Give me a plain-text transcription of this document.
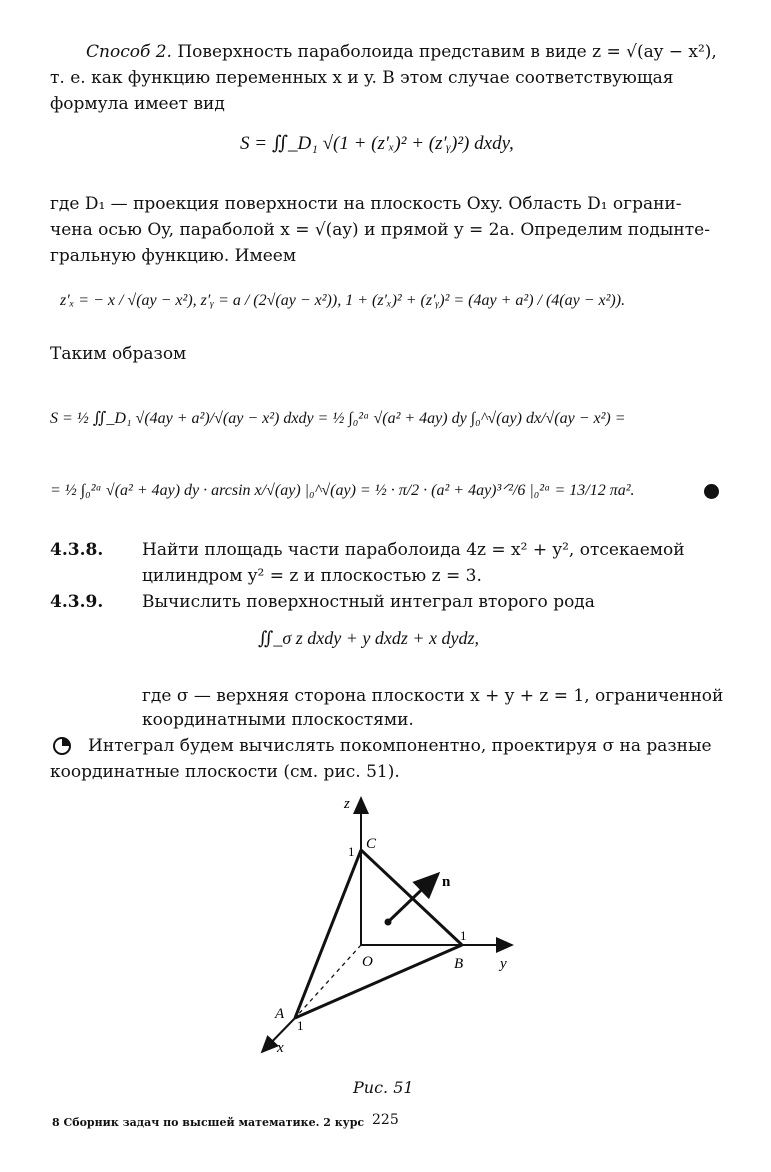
Способ 2. Поверхность параболоида представим в виде z = √(ay − x²),
т. е. как функцию переменных x и y. В этом случае соответствующая
формула имеет вид
S = ∬_D₁ √(1 + (z′ₓ)² + (z′ᵧ)²) dxdy,
где D₁ — проекция поверхности на плоскость Oxy. Область D₁ ограни-
чена осью Oy, параболой x = √(ay) и прямой y = 2a. Определим подынте-
гральную функцию. Имеем
z′ₓ = − x / √(ay − x²), z′ᵧ = a / (2√(ay − x²)), 1 + (z′ₓ)² + (z′ᵧ)² = (4ay + a²) / (4(ay − x²)).
Таким образом
S = ½ ∬_D₁ √(4ay + a²)/√(ay − x²) dxdy = ½ ∫₀²ᵃ √(a² + 4ay) dy ∫₀^√(ay) dx/√(ay − x²) =
= ½ ∫₀²ᵃ √(a² + 4ay) dy · arcsin x/√(ay) |₀^√(ay) = ½ · π/2 · (a² + 4ay)³ᐟ²/6 |₀²ᵃ = 13/12 πa².
4.3.8. Найти площадь части параболоида 4z = x² + y², отсекаемой
цилиндром y² = z и плоскостью z = 3.
4.3.9. Вычислить поверхностный интеграл второго рода
∬_σ z dxdy + y dxdz + x dydz,
где σ — верхняя сторона плоскости x + y + z = 1, ограниченной
координатными плоскостями.
Интеграл будем вычислять покомпонентно, проектируя σ на разные
координатные плоскости (см. рис. 51).
z
y
x
O
A
B
C
n
1
1
1
Рис. 51
8 Сборник задач по высшей математике. 2 курс 225
